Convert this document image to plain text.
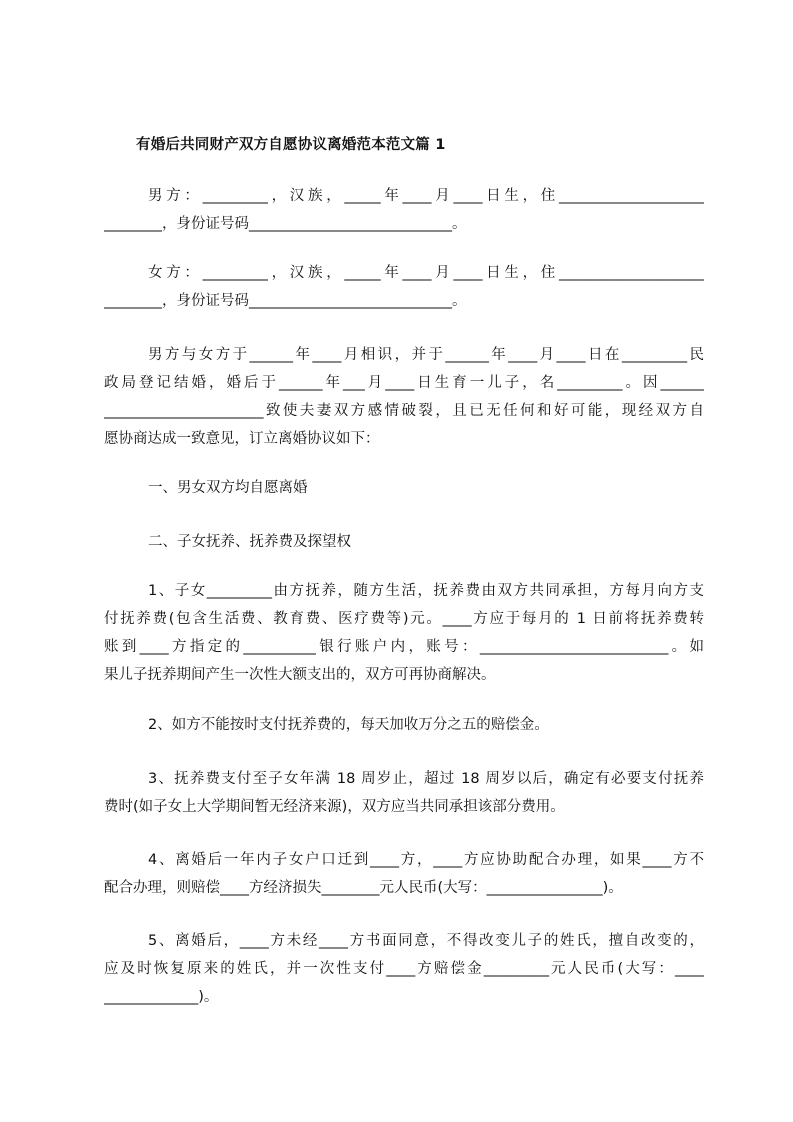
有婚后共同财产双方自愿协议离婚范本范文篇 1
男方：_________，汉族，_____年____月____日生，住____________________
________，身份证号码____________________________。
女方：_________，汉族，_____年____月____日生，住____________________
________，身份证号码____________________________。
男方与女方于______年____月相识，并于______年____月____日在_________民
政局登记结婚，婚后于______年___月____日生育一儿子，名_________。因______
______________________致使夫妻双方感情破裂，且已无任何和好可能，现经双方自
愿协商达成一致意见，订立离婚协议如下：
一、男女双方均自愿离婚
二、子女抚养、抚养费及探望权
1、子女_________由方抚养，随方生活，抚养费由双方共同承担，方每月向方支
付抚养费(包含生活费、教育费、医疗费等)元。____方应于每月的 1 日前将抚养费转
账到____方指定的__________银行账户内，账号：__________________________。如
果儿子抚养期间产生一次性大额支出的，双方可再协商解决。
2、如方不能按时支付抚养费的，每天加收万分之五的赔偿金。
3、抚养费支付至子女年满 18 周岁止，超过 18 周岁以后，确定有必要支付抚养
费时(如子女上大学期间暂无经济来源)，双方应当共同承担该部分费用。
4、离婚后一年内子女户口迁到____方，____方应协助配合办理，如果____方不
配合办理，则赔偿____方经济损失________元人民币(大写：________________)。
5、离婚后，____方未经____方书面同意，不得改变儿子的姓氏，擅自改变的，
应及时恢复原来的姓氏，并一次性支付____方赔偿金_________元人民币(大写：____
_____________)。
